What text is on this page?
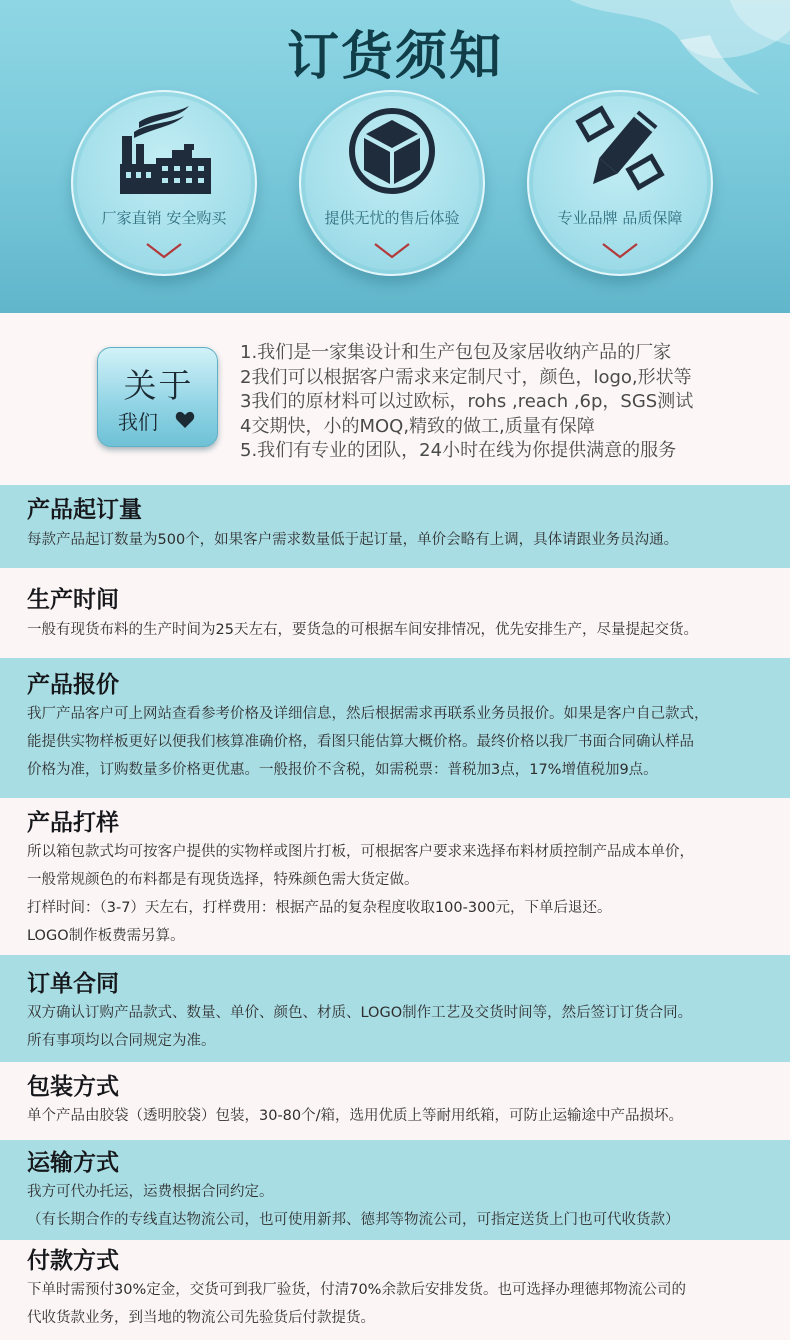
订货须知
厂家直销 安全购买	提供无忧的售后体验	专业品牌 品质保障
关于
我们
1.我们是一家集设计和生产包包及家居收纳产品的厂家
2我们可以根据客户需求来定制尺寸，颜色，logo,形状等
3我们的原材料可以过欧标，rohs ,reach ,6p，SGS测试
4交期快，小的MOQ,精致的做工,质量有保障
5.我们有专业的团队，24小时在线为你提供满意的服务
产品起订量

每款产品起订数量为500个，如果客户需求数量低于起订量，单价会略有上调，具体请跟业务员沟通。

生产时间

一般有现货布料的生产时间为25天左右，要货急的可根据车间安排情况，优先安排生产，尽量提起交货。

产品报价

我厂产品客户可上网站查看参考价格及详细信息，然后根据需求再联系业务员报价。如果是客户自己款式，

能提供实物样板更好以便我们核算准确价格，看图只能估算大概价格。最终价格以我厂书面合同确认样品

价格为准，订购数量多价格更优惠。一般报价不含税，如需税票：普税加3点，17%增值税加9点。

产品打样

所以箱包款式均可按客户提供的实物样或图片打板，可根据客户要求来选择布料材质控制产品成本单价，

一般常规颜色的布料都是有现货选择，特殊颜色需大货定做。

打样时间：（3-7）天左右，打样费用：根据产品的复杂程度收取100-300元，下单后退还。

LOGO制作板费需另算。

订单合同

双方确认订购产品款式、数量、单价、颜色、材质、LOGO制作工艺及交货时间等，然后签订订货合同。

所有事项均以合同规定为准。

包装方式

单个产品由胶袋（透明胶袋）包装，30-80个/箱，选用优质上等耐用纸箱，可防止运输途中产品损坏。

运输方式

我方可代办托运，运费根据合同约定。

（有长期合作的专线直达物流公司，也可使用新邦、德邦等物流公司，可指定送货上门也可代收货款）

付款方式

下单时需预付30%定金，交货可到我厂验货，付清70%余款后安排发货。也可选择办理德邦物流公司的

代收货款业务，到当地的物流公司先验货后付款提货。
